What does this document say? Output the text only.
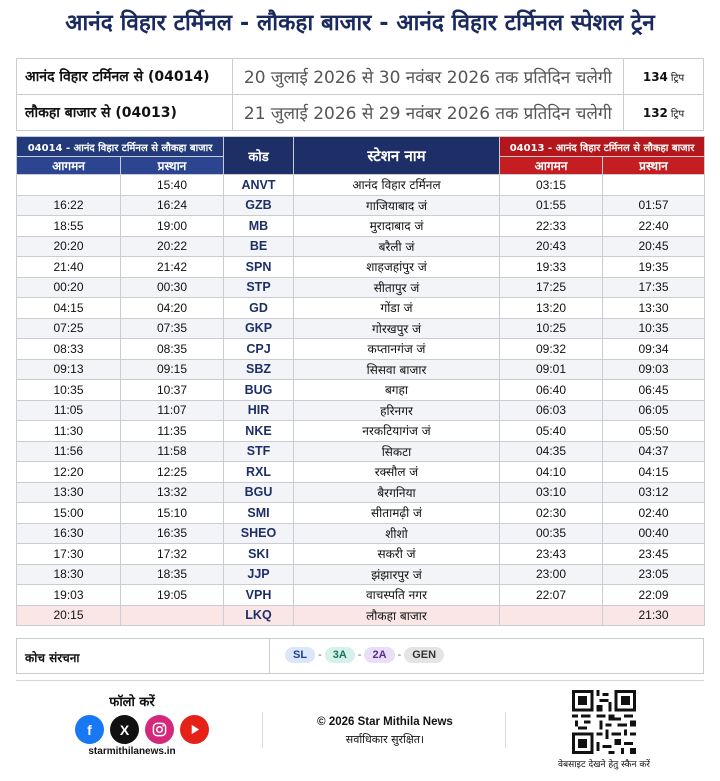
आनंद विहार टर्मिनल - लौकहा बाजार - आनंद विहार टर्मिनल स्पेशल ट्रेन
आनंद विहार टर्मिनल से (04014)	20 जुलाई 2026 से 30 नवंबर 2026 तक प्रतिदिन चलेगी	134 ट्रिप
लौकहा बाजार से (04013)	21 जुलाई 2026 से 29 नवंबर 2026 तक प्रतिदिन चलेगी	132 ट्रिप
04014 - आनंद विहार टर्मिनल से लौकहा बाजार		कोड	स्टेशन नाम	04013 - आनंद विहार टर्मिनल से लौकहा बाजार	
आगमन	प्रस्थान			आगमन	प्रस्थान
	15:40	ANVT	आनंद विहार टर्मिनल	03:15	
16:22	16:24	GZB	गाजियाबाद जं	01:55	01:57
18:55	19:00	MB	मुरादाबाद जं	22:33	22:40
20:20	20:22	BE	बरैली जं	20:43	20:45
21:40	21:42	SPN	शाहजहांपुर जं	19:33	19:35
00:20	00:30	STP	सीतापुर जं	17:25	17:35
04:15	04:20	GD	गोंडा जं	13:20	13:30
07:25	07:35	GKP	गोरखपुर जं	10:25	10:35
08:33	08:35	CPJ	कप्तानगंज जं	09:32	09:34
09:13	09:15	SBZ	सिसवा बाजार	09:01	09:03
10:35	10:37	BUG	बगहा	06:40	06:45
11:05	11:07	HIR	हरिनगर	06:03	06:05
11:30	11:35	NKE	नरकटियागंज जं	05:40	05:50
11:56	11:58	STF	सिकटा	04:35	04:37
12:20	12:25	RXL	रक्सौल जं	04:10	04:15
13:30	13:32	BGU	बैरगनिया	03:10	03:12
15:00	15:10	SMI	सीतामढ़ी जं	02:30	02:40
16:30	16:35	SHEO	शीशो	00:35	00:40
17:30	17:32	SKI	सकरी जं	23:43	23:45
18:30	18:35	JJP	झंझारपुर जं	23:00	23:05
19:03	19:05	VPH	वाचस्पति नगर	22:07	22:09
20:15		LKQ	लौकहा बाजार		21:30
कोच संरचना	SL	-	3A	-	2A	-	GEN
फॉलो करें
f	X
starmithilanews.in
© 2026 Star Mithila News
सर्वाधिकार सुरक्षित।
वेबसाइट देखने हेतु स्कैन करें
